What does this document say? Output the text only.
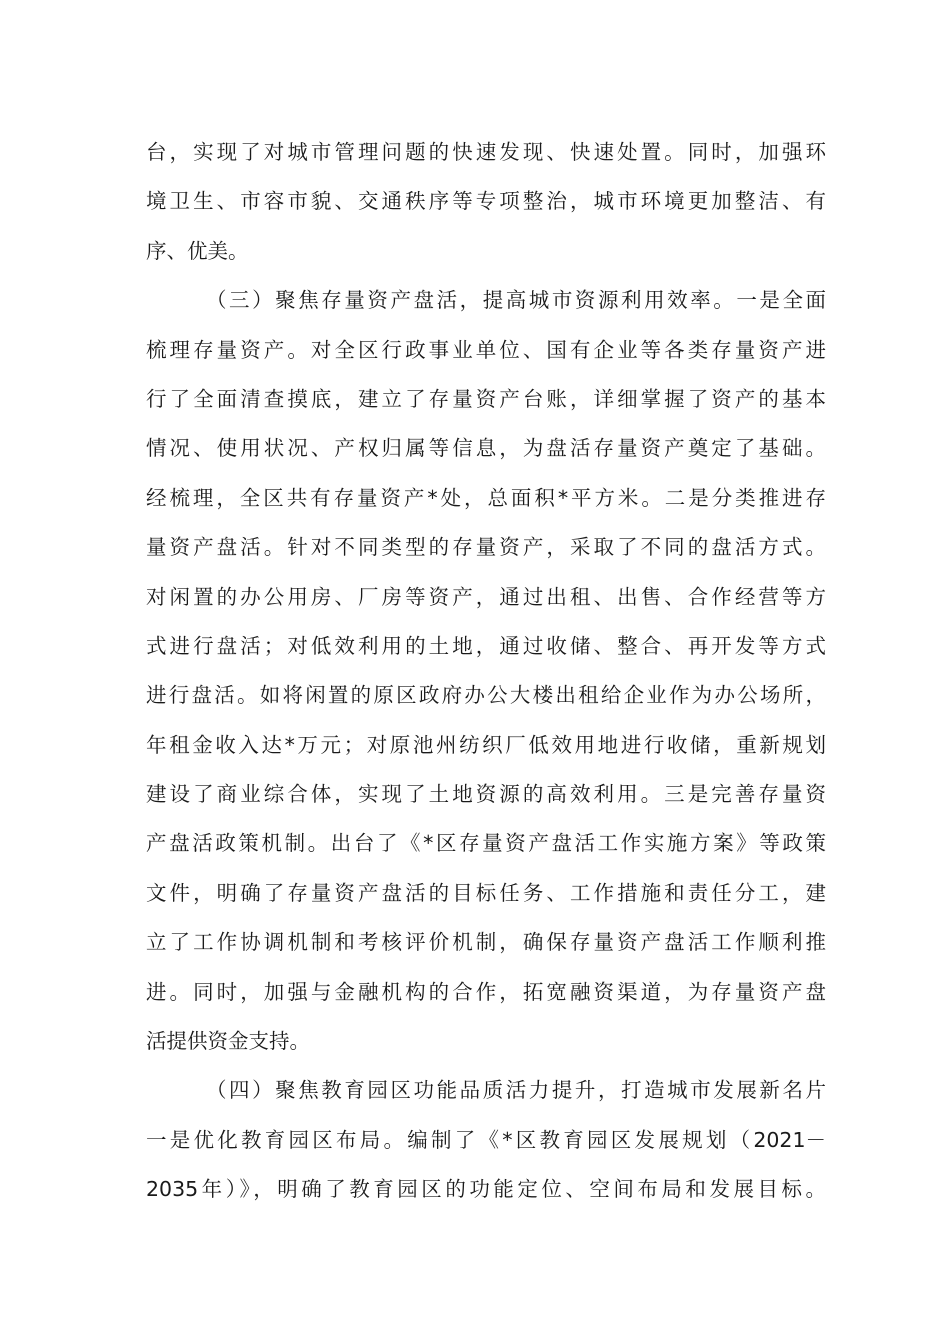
台，实现了对城市管理问题的快速发现、快速处置。同时，加强环
境卫生、市容市貌、交通秩序等专项整治，城市环境更加整洁、有
序、优美。
（三）聚焦存量资产盘活，提高城市资源利用效率。一是全面
梳理存量资产。对全区行政事业单位、国有企业等各类存量资产进
行了全面清查摸底，建立了存量资产台账，详细掌握了资产的基本
情况、使用状况、产权归属等信息，为盘活存量资产奠定了基础。
经梳理，全区共有存量资产*处，总面积*平方米。二是分类推进存
量资产盘活。针对不同类型的存量资产，采取了不同的盘活方式。
对闲置的办公用房、厂房等资产，通过出租、出售、合作经营等方
式进行盘活；对低效利用的土地，通过收储、整合、再开发等方式
进行盘活。如将闲置的原区政府办公大楼出租给企业作为办公场所，
年租金收入达*万元；对原池州纺织厂低效用地进行收储，重新规划
建设了商业综合体，实现了土地资源的高效利用。三是完善存量资
产盘活政策机制。出台了《*区存量资产盘活工作实施方案》等政策
文件，明确了存量资产盘活的目标任务、工作措施和责任分工，建
立了工作协调机制和考核评价机制，确保存量资产盘活工作顺利推
进。同时，加强与金融机构的合作，拓宽融资渠道，为存量资产盘
活提供资金支持。
（四）聚焦教育园区功能品质活力提升，打造城市发展新名片
一是优化教育园区布局。编制了《*区教育园区发展规划（2021－
2035年）》，明确了教育园区的功能定位、空间布局和发展目标。
